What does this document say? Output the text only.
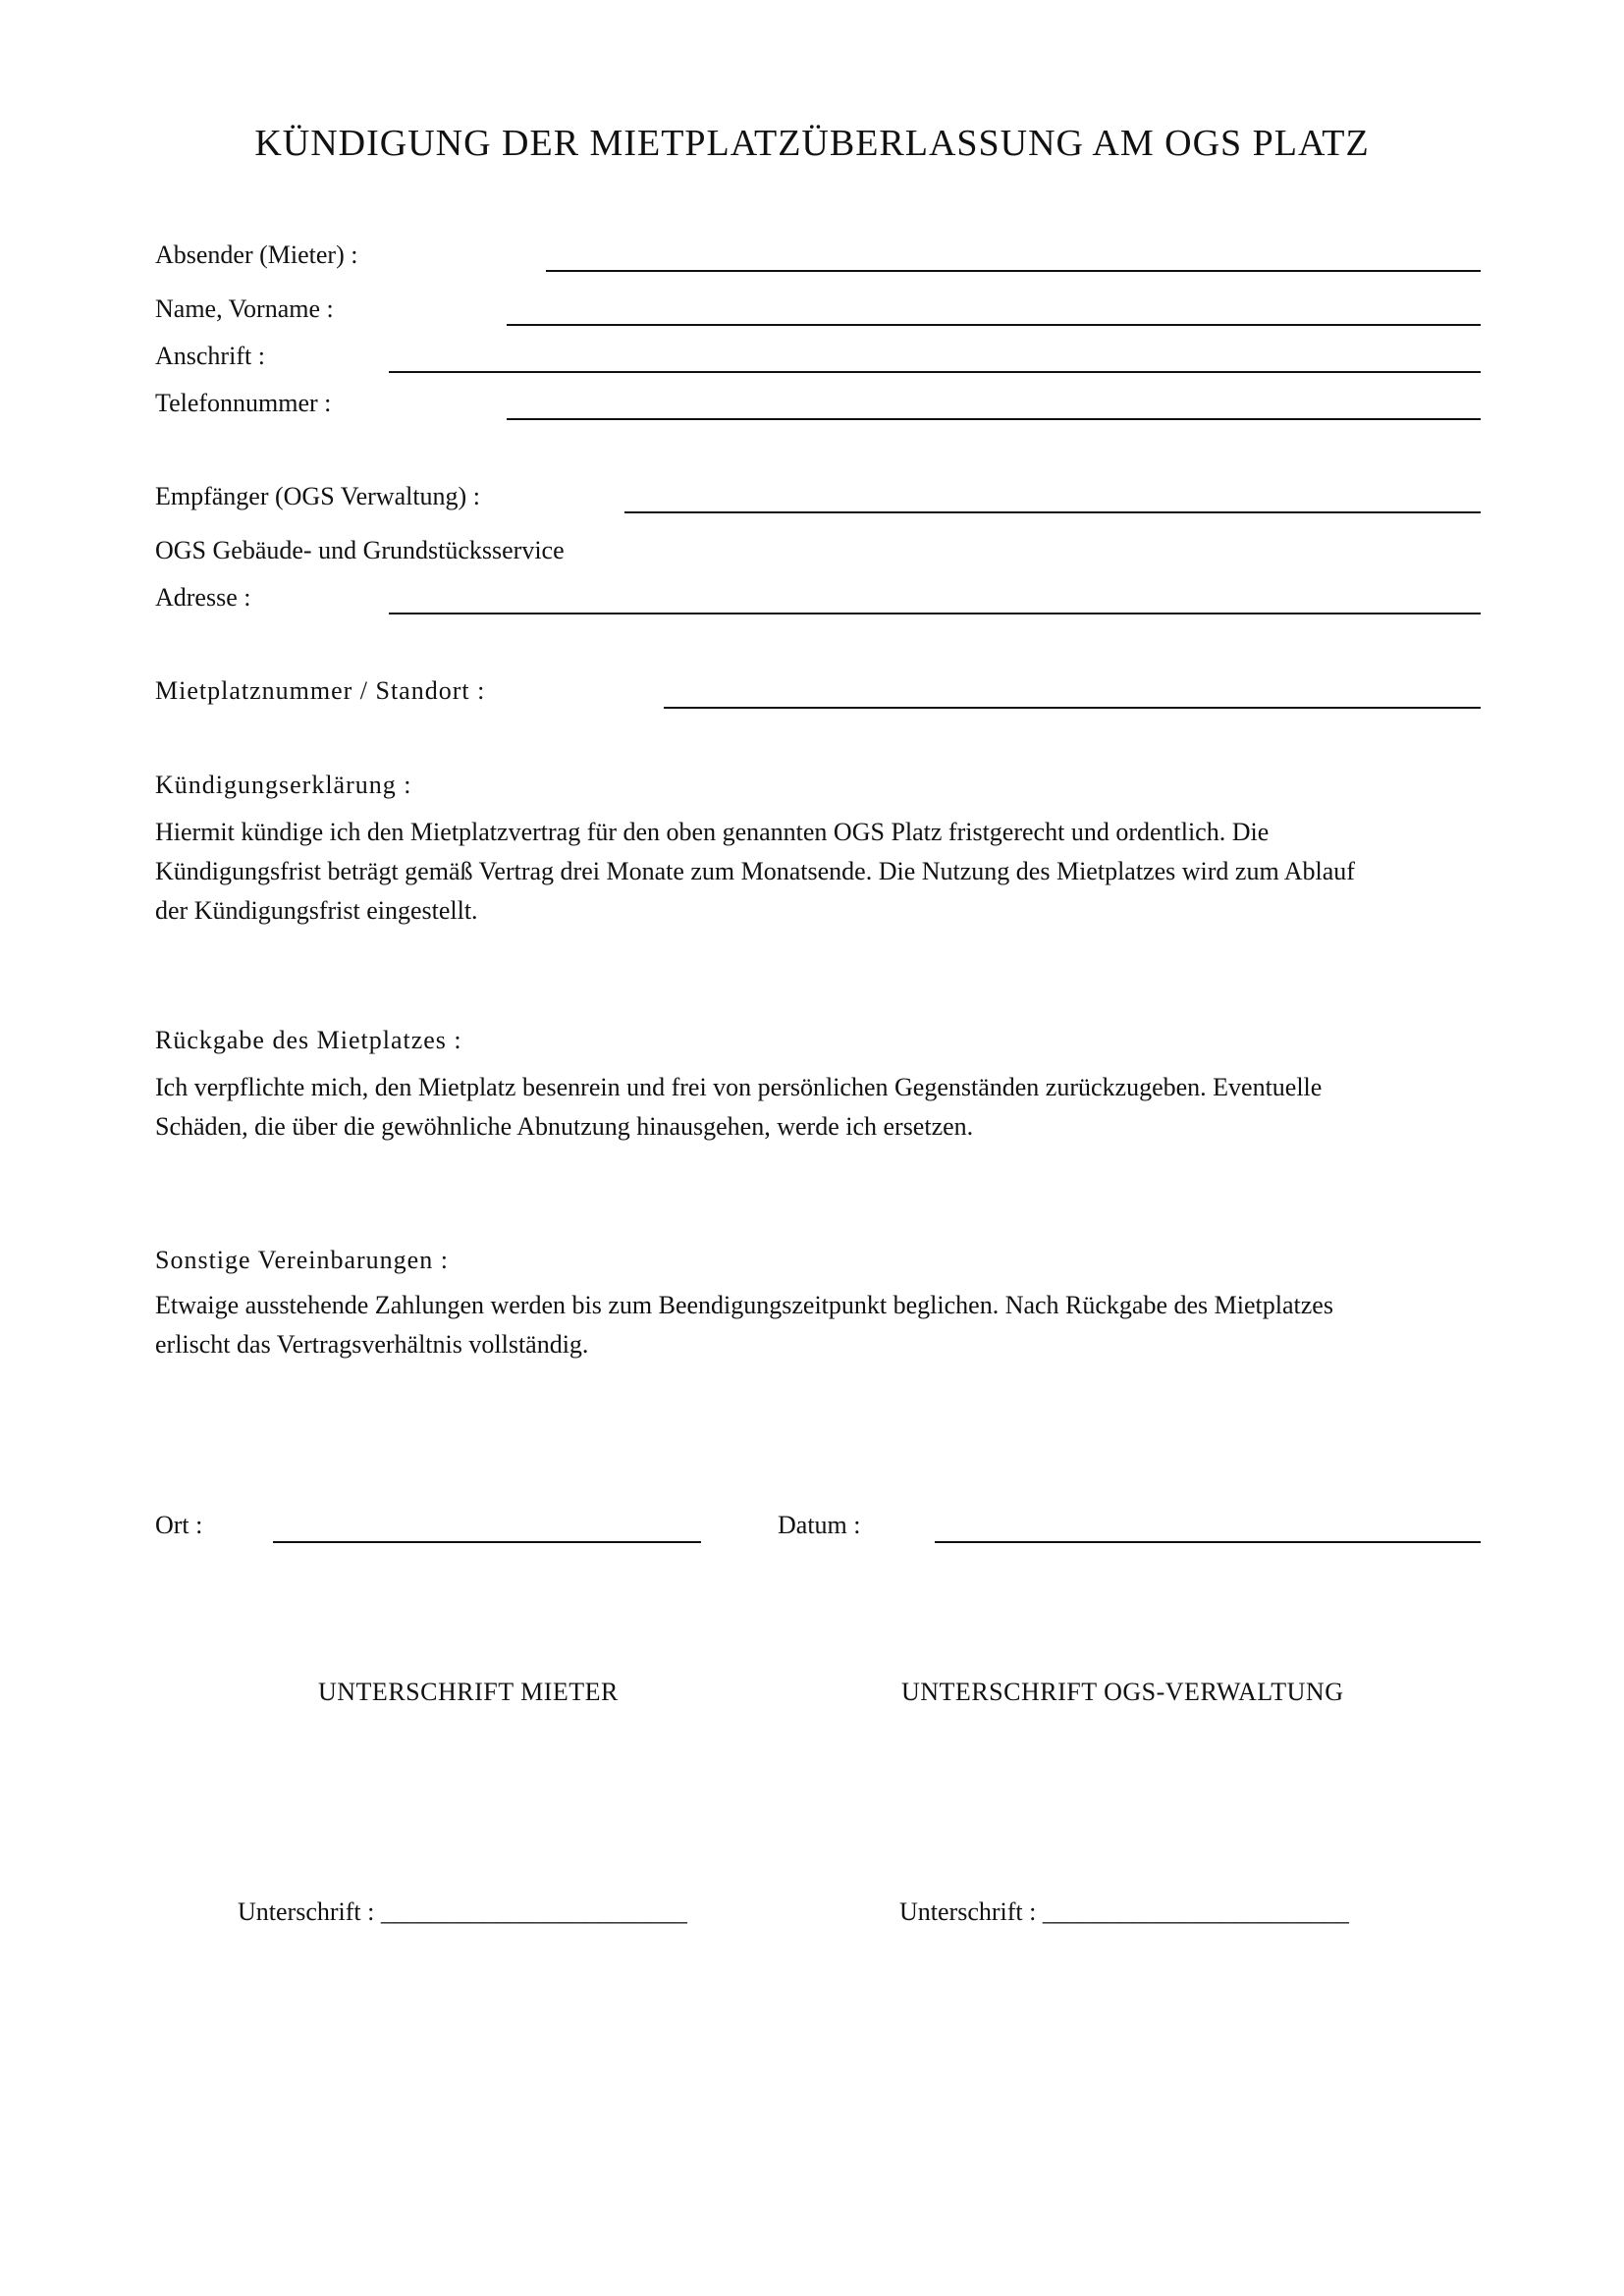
KÜNDIGUNG DER MIETPLATZÜBERLASSUNG AM OGS PLATZ
Absender (Mieter) :
Name, Vorname :
Anschrift :
Telefonnummer :
Empfänger (OGS Verwaltung) :
OGS Gebäude- und Grundstücksservice
Adresse :
Mietplatznummer / Standort :
Kündigungserklärung :
Hiermit kündige ich den Mietplatzvertrag für den oben genannten OGS Platz fristgerecht und ordentlich. Die
Kündigungsfrist beträgt gemäß Vertrag drei Monate zum Monatsende. Die Nutzung des Mietplatzes wird zum Ablauf
der Kündigungsfrist eingestellt.
Rückgabe des Mietplatzes :
Ich verpflichte mich, den Mietplatz besenrein und frei von persönlichen Gegenständen zurückzugeben. Eventuelle
Schäden, die über die gewöhnliche Abnutzung hinausgehen, werde ich ersetzen.
Sonstige Vereinbarungen :
Etwaige ausstehende Zahlungen werden bis zum Beendigungszeitpunkt beglichen. Nach Rückgabe des Mietplatzes
erlischt das Vertragsverhältnis vollständig.
Ort :	Datum :
UNTERSCHRIFT MIETER	UNTERSCHRIFT OGS-VERWALTUNG
Unterschrift : ________________________	Unterschrift : ________________________
